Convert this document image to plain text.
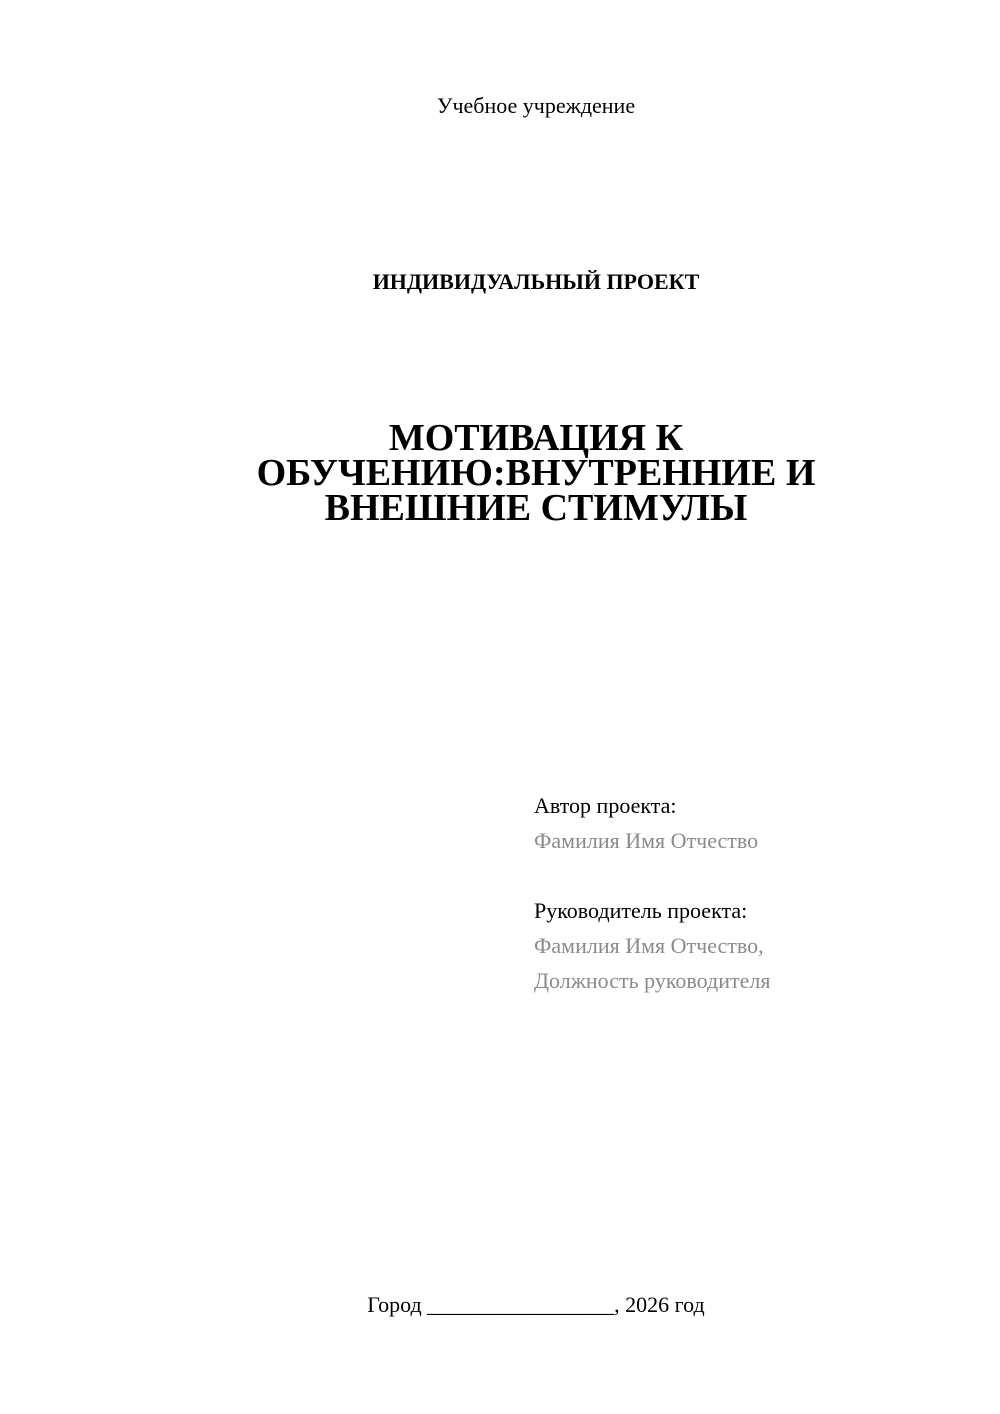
Учебное учреждение
ИНДИВИДУАЛЬНЫЙ ПРОЕКТ
МОТИВАЦИЯ К
ОБУЧЕНИЮ:ВНУТРЕННИЕ И
ВНЕШНИЕ СТИМУЛЫ
Автор проекта:
Фамилия Имя Отчество
Руководитель проекта:
Фамилия Имя Отчество,
Должность руководителя
Город _________________, 2026 год
